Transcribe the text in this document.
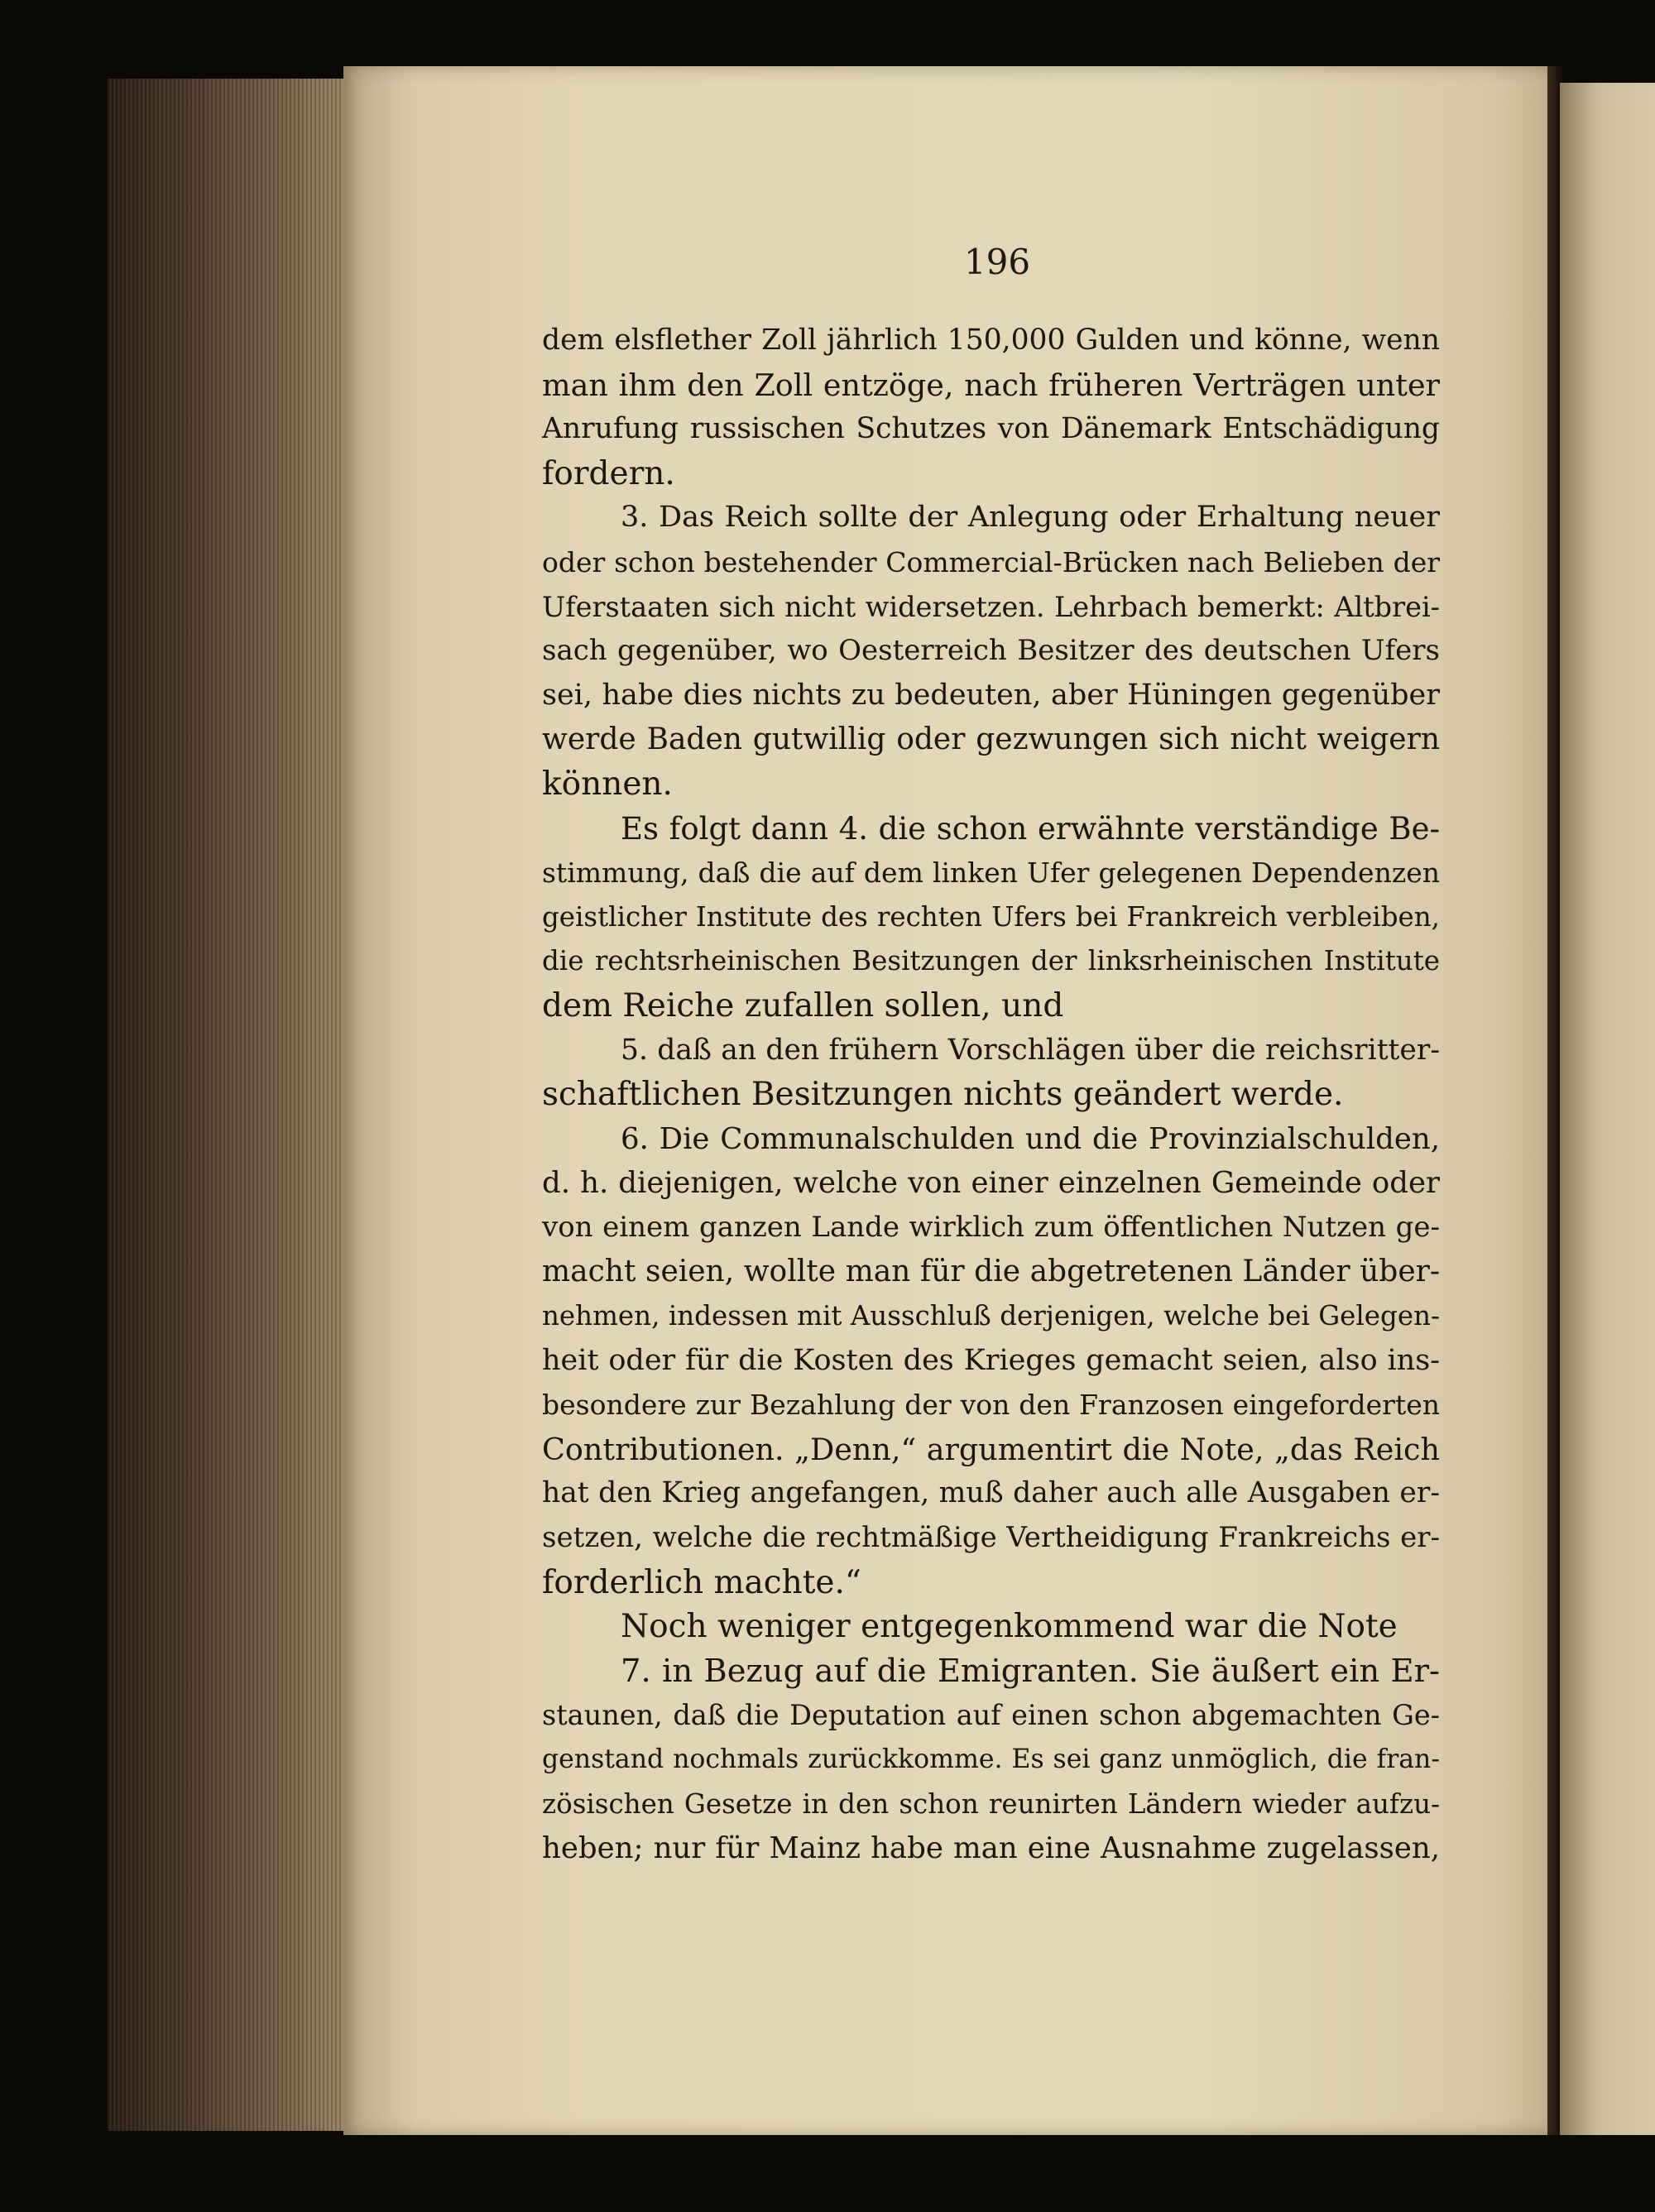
196
dem elsflether Zoll jährlich 150,000 Gulden und könne, wenn
man ihm den Zoll entzöge, nach früheren Verträgen unter
Anrufung russischen Schutzes von Dänemark Entschädigung
fordern.
3. Das Reich sollte der Anlegung oder Erhaltung neuer
oder schon bestehender Commercial-Brücken nach Belieben der
Uferstaaten sich nicht widersetzen. Lehrbach bemerkt: Altbrei-
sach gegenüber, wo Oesterreich Besitzer des deutschen Ufers
sei, habe dies nichts zu bedeuten, aber Hüningen gegenüber
werde Baden gutwillig oder gezwungen sich nicht weigern
können.
Es folgt dann 4. die schon erwähnte verständige Be-
stimmung, daß die auf dem linken Ufer gelegenen Dependenzen
geistlicher Institute des rechten Ufers bei Frankreich verbleiben,
die rechtsrheinischen Besitzungen der linksrheinischen Institute
dem Reiche zufallen sollen, und
5. daß an den frühern Vorschlägen über die reichsritter-
schaftlichen Besitzungen nichts geändert werde.
6. Die Communalschulden und die Provinzialschulden,
d. h. diejenigen, welche von einer einzelnen Gemeinde oder
von einem ganzen Lande wirklich zum öffentlichen Nutzen ge-
macht seien, wollte man für die abgetretenen Länder über-
nehmen, indessen mit Ausschluß derjenigen, welche bei Gelegen-
heit oder für die Kosten des Krieges gemacht seien, also ins-
besondere zur Bezahlung der von den Franzosen eingeforderten
Contributionen. „Denn,“ argumentirt die Note, „das Reich
hat den Krieg angefangen, muß daher auch alle Ausgaben er-
setzen, welche die rechtmäßige Vertheidigung Frankreichs er-
forderlich machte.“
Noch weniger entgegenkommend war die Note
7. in Bezug auf die Emigranten. Sie äußert ein Er-
staunen, daß die Deputation auf einen schon abgemachten Ge-
genstand nochmals zurückkomme. Es sei ganz unmöglich, die fran-
zösischen Gesetze in den schon reunirten Ländern wieder aufzu-
heben; nur für Mainz habe man eine Ausnahme zugelassen,
